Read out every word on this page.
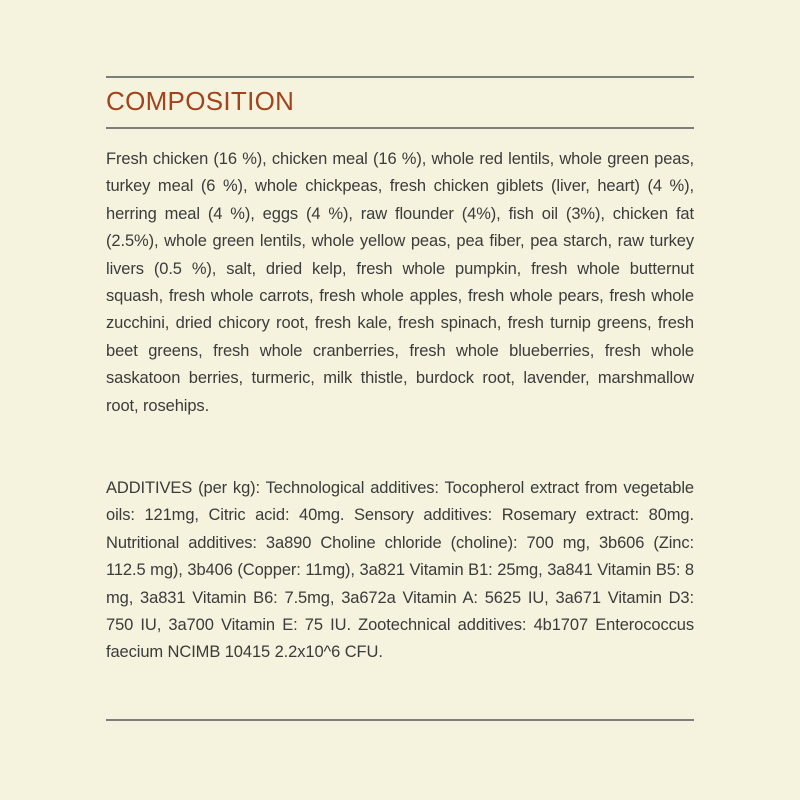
COMPOSITION

Fresh chicken (16 %), chicken meal (16 %), whole red lentils, whole green peas, turkey meal (6 %), whole chickpeas, fresh chicken giblets (liver, heart) (4 %), herring meal (4 %), eggs (4 %), raw flounder (4%), fish oil (3%), chicken fat (2.5%), whole green lentils, whole yellow peas, pea fiber, pea starch, raw turkey livers (0.5 %), salt, dried kelp, fresh whole pumpkin, fresh whole butternut squash, fresh whole carrots, fresh whole apples, fresh whole pears, fresh whole zucchini, dried chicory root, fresh kale, fresh spinach, fresh turnip greens, fresh beet greens, fresh whole cranberries, fresh whole blueberries, fresh whole saskatoon berries, turmeric, milk thistle, burdock root, lavender, marshmallow root, rosehips.

ADDITIVES (per kg): Technological additives: Tocopherol extract from vegetable oils: 121mg, Citric acid: 40mg. Sensory additives: Rosemary extract: 80mg. Nutritional additives: 3a890 Choline chloride (choline): 700 mg, 3b606 (Zinc: 112.5 mg), 3b406 (Copper: 11mg), 3a821 Vitamin B1: 25mg, 3a841 Vitamin B5: 8 mg, 3a831 Vitamin B6: 7.5mg, 3a672a Vitamin A: 5625 IU, 3a671 Vitamin D3: 750 IU, 3a700 Vitamin E: 75 IU. Zootechnical additives: 4b1707 Enterococcus faecium NCIMB 10415 2.2x10^6 CFU.
